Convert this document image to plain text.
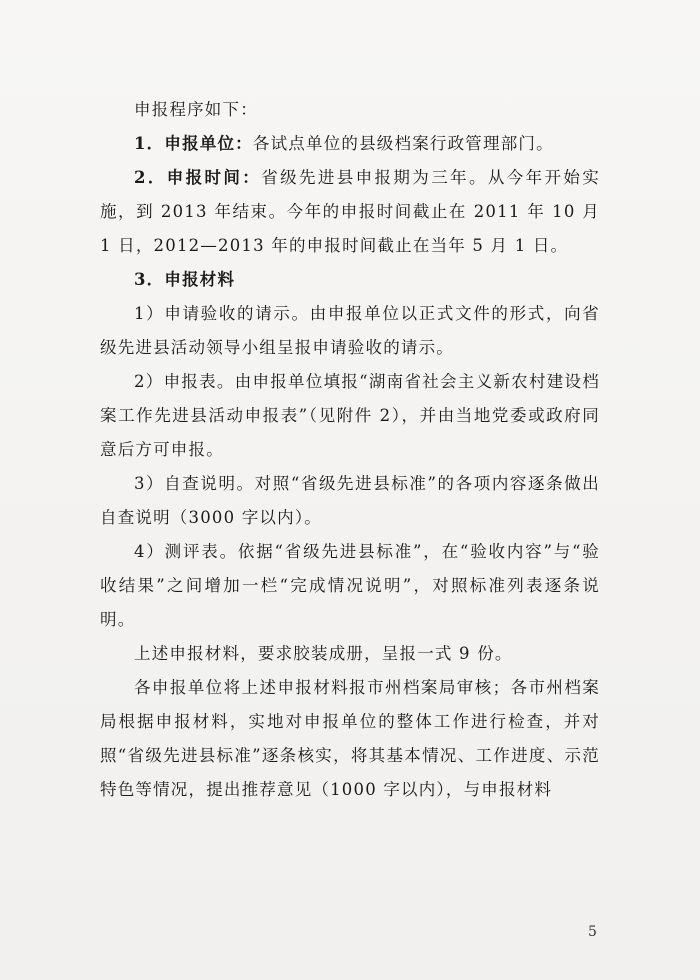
申报程序如下：

1．申报单位：各试点单位的县级档案行政管理部门。

2．申报时间：省级先进县申报期为三年。从今年开始实施，到 2013 年结束。今年的申报时间截止在 2011 年 10 月 1 日，2012—2013 年的申报时间截止在当年 5 月 1 日。

3．申报材料

1）申请验收的请示。由申报单位以正式文件的形式，向省级先进县活动领导小组呈报申请验收的请示。

2）申报表。由申报单位填报“湖南省社会主义新农村建设档案工作先进县活动申报表”（见附件 2），并由当地党委或政府同意后方可申报。

3）自查说明。对照“省级先进县标准”的各项内容逐条做出自查说明（3000 字以内）。

4）测评表。依据“省级先进县标准”，在“验收内容”与“验收结果”之间增加一栏“完成情况说明”，对照标准列表逐条说明。

上述申报材料，要求胶装成册，呈报一式 9 份。

各申报单位将上述申报材料报市州档案局审核；各市州档案局根据申报材料，实地对申报单位的整体工作进行检查，并对照“省级先进县标准”逐条核实，将其基本情况、工作进度、示范特色等情况，提出推荐意见（1000 字以内），与申报材料

5
